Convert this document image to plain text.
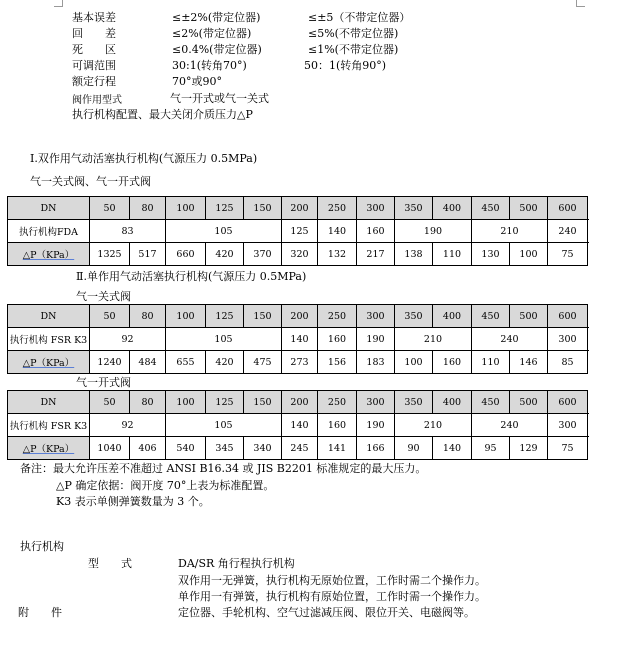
基本误差	≤±2%(带定位器)	≤±5（不带定位器）
回　　差	≤2%(带定位器)	≤5%(不带定位器)
死　　区	≤0.4%(带定位器)	≤1%(不带定位器)
可调范围	30:1(转角70°)	50：1(转角90°)
额定行程	70°或90°
阀作用型式	气一开式或气一关式
执行机构配置、最大关闭介质压力△P
Ⅰ.双作用气动活塞执行机构(气源压力 0.5MPa)
气一关式阀、气一开式阀
DN	50	80	100	125	150	200	250	300	350	400	450	500	600
执行机构FDA	83		105			125	140	160	190		210		240
△P（KPa）	1325	517	660	420	370	320	132	217	138	110	130	100	75
Ⅱ.单作用气动活塞执行机构(气源压力 0.5MPa)
气一关式阀
DN	50	80	100	125	150	200	250	300	350	400	450	500	600
执行机构 FSR K3	92		105			140	160	190	210		240		300
△P（KPa）	1240	484	655	420	475	273	156	183	100	160	110	146	85
气一开式阀
DN	50	80	100	125	150	200	250	300	350	400	450	500	600
执行机构 FSR K3	92		105			140	160	190	210		240		300
△P（KPa）	1040	406	540	345	340	245	141	166	90	140	95	129	75
备注：最大允许压差不准超过 ANSI B16.34 或 JIS B2201 标准规定的最大压力。
△P 确定依据：阀开度 70°上表为标准配置。
K3 表示单侧弹簧数量为 3 个。
执行机构
型　　式	DA/SR 角行程执行机构
双作用一无弹簧，执行机构无原始位置，工作时需二个操作力。
单作用一有弹簧，执行机构有原始位置，工作时需一个操作力。
附　　件	定位器、手轮机构、空气过滤减压阀、限位开关、电磁阀等。
